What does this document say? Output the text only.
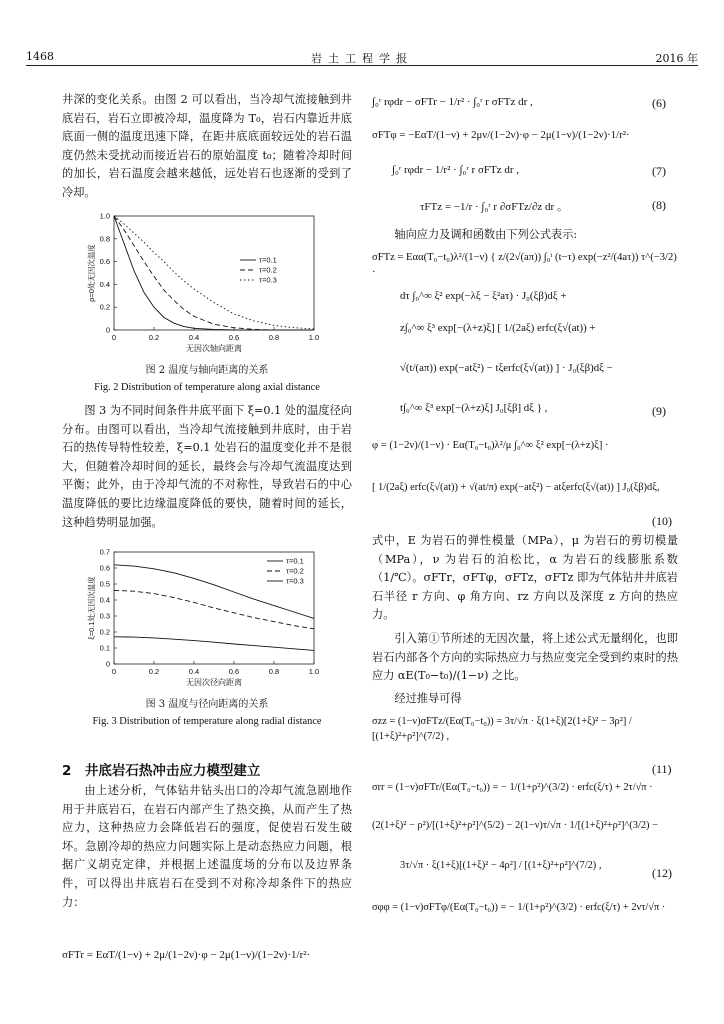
1468	岩土工程学报	2016 年
井深的变化关系。由图 2 可以看出，当冷却气流接触到井底岩石，岩石立即被冷却，温度降为 T₀，岩石内靠近井底底面一侧的温度迅速下降，在距井底底面较远处的岩石温度仍然未受扰动而接近岩石的原始温度 t₀；随着冷却时间的加长，岩石温度会越来越低，远处岩石也逐渐的受到了冷却。
0	0.2	0.4	0.6	0.8	1.0
0
0.2
0.4
0.6
0.8
1.0
无因次轴向距离
ρ=0处无因次温度	τ=0.1
τ=0.2
τ=0.3
图 2 温度与轴向距离的关系
Fig. 2 Distribution of temperature along axial distance
图 3 为不同时间条件井底平面下 ξ=0.1 处的温度径向分布。由图可以看出，当冷却气流接触到井底时，由于岩石的热传导特性较差，ξ=0.1 处岩石的温度变化并不是很大，但随着冷却时间的延长，最终会与冷却气流温度达到平衡；此外，由于冷却气流的不对称性，导致岩石的中心温度降低的要比边缘温度降低的要快，随着时间的延长，这种趋势明显加强。
0	0.2	0.4	0.6	0.8	1.0
0
0.1
0.2
0.3
0.4
0.5
0.6
0.7
无因次径向距离
ξ=0.1处无因次温度
τ=0.1
τ=0.2
τ=0.3
图 3 温度与径向距离的关系
Fig. 3 Distribution of temperature along radial distance
2　井底岩石热冲击应力模型建立
由上述分析，气体钻井钻头出口的冷却气流急剧地作用于井底岩石，在岩石内部产生了热交换，从而产生了热应力，这种热应力会降低岩石的强度，促使岩石发生破坏。急剧冷却的热应力问题实际上是动态热应力问题，根据广义胡克定律，并根据上述温度场的分布以及边界条件，可以得出井底岩石在受到不对称冷却条件下的热应力：
σFTr = EαT/(1−ν) + 2μ/(1−2ν)·φ − 2μ(1−ν)/(1−2ν)·1/r²·
∫₀ʳ rφdr − σFTr − 1/r² · ∫₀ʳ r σFTz dr ,	(6)
σFTφ = −EαT/(1−ν) + 2μν/(1−2ν)·φ − 2μ(1−ν)/(1−2ν)·1/r²·
∫₀ʳ rφdr − 1/r² · ∫₀ʳ r σFTz dr ,	(7)
τFTz = −1/r · ∫₀ʳ r ∂σFTz/∂z dr 。	(8)
轴向应力及调和函数由下列公式表示:
σFTz = Eαα(T₀−t₀)λ²/(1−ν) { z/(2√(aπ)) ∫₀ᵗ (t−τ) exp(−z²/(4aτ)) τ^(−3/2) ·
dτ ∫₀^∞ ξ² exp(−λξ − ξ²aτ) · J₀(ξβ)dξ +
z∫₀^∞ ξ³ exp[−(λ+z)ξ] [ 1/(2aξ) erfc(ξ√(at)) +
√(t/(aπ)) exp(−atξ²) − tξerfc(ξ√(at)) ] · J₀(ξβ)dξ −
t∫₀^∞ ξ³ exp[−(λ+z)ξ] J₀[ξβ] dξ } ,	(9)
φ = (1−2ν)/(1−ν) · Eα(T₀−t₀)λ²/μ ∫₀^∞ ξ² exp[−(λ+z)ξ] ·
[ 1/(2aξ) erfc(ξ√(at)) + √(at/π) exp(−atξ²) − atξerfc(ξ√(at)) ] J₀(ξβ)dξ,
(10)
式中，E 为岩石的弹性模量（MPa），μ 为岩石的剪切模量（MPa），ν 为岩石的泊松比，α 为岩石的线膨胀系数（1/℃）。σFTr，σFTφ，σFTz，σFTz 即为气体钻井井底岩石半径 r 方向、φ 角方向、rz 方向以及深度 z 方向的热应力。
引入第①节所述的无因次量，将上述公式无量纲化，也即岩石内部各个方向的实际热应力与热应变完全受到约束时的热应力 αE(T₀−t₀)/(1−ν) 之比。
经过推导可得
σzz = (1−ν)σFTz/(Eα(T₀−t₀)) = 3τ/√π · ξ(1+ξ)[2(1+ξ)² − 3ρ²] / [(1+ξ)²+ρ²]^(7/2) ,
(11)
σrr = (1−ν)σFTr/(Eα(T₀−t₀)) = − 1/(1+ρ²)^(3/2) · erfc(ξ/τ) + 2τ/√π ·
(2(1+ξ)² − ρ²)/[(1+ξ)²+ρ²]^(5/2) − 2(1−ν)τ/√π · 1/[(1+ξ)²+ρ²]^(3/2) −
3τ/√π · ξ(1+ξ)[(1+ξ)² − 4ρ²] / [(1+ξ)²+ρ²]^(7/2) ,
(12)
σφφ = (1−ν)σFTφ/(Eα(T₀−t₀)) = − 1/(1+ρ²)^(3/2) · erfc(ξ/τ) + 2ντ/√π ·
